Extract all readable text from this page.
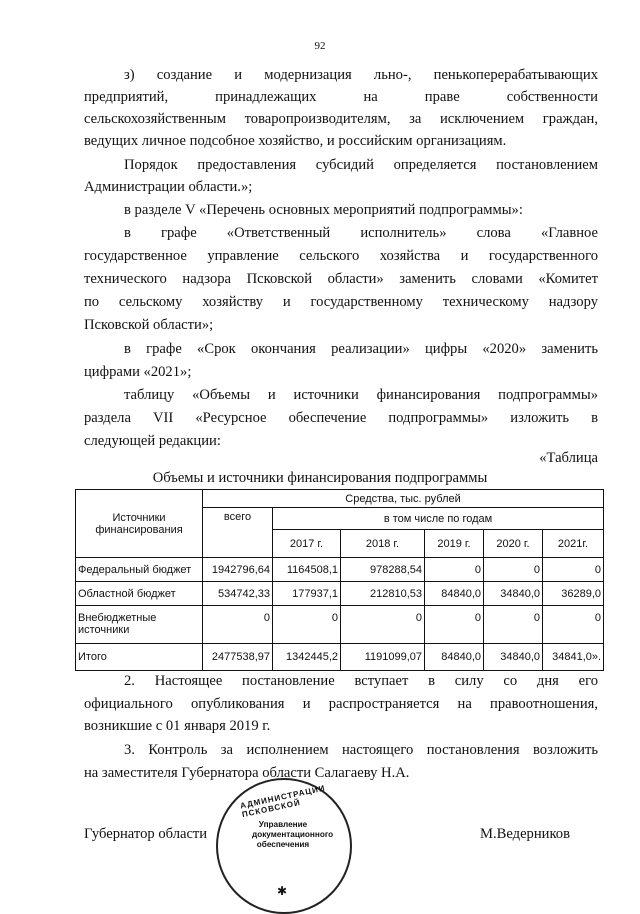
92
з) создание и модернизация льно-, пенькоперерабатывающих
предприятий, принадлежащих на праве собственности
сельскохозяйственным товаропроизводителям, за исключением граждан,
ведущих личное подсобное хозяйство, и российским организациям.
Порядок предоставления субсидий определяется постановлением
Администрации области.»;
в разделе V «Перечень основных мероприятий подпрограммы»:
в графе «Ответственный исполнитель» слова «Главное
государственное управление сельского хозяйства и государственного
технического надзора Псковской области» заменить словами «Комитет
по сельскому хозяйству и государственному техническому надзору
Псковской области»;
в графе «Срок окончания реализации» цифры «2020» заменить
цифрами «2021»;
таблицу «Объемы и источники финансирования подпрограммы»
раздела VII «Ресурсное обеспечение подпрограммы» изложить в
следующей редакции:
«Таблица
Объемы и источники финансирования подпрограммы
Источники финансирования	Средства, тыс. рублей					
	всего	в том числе по годам				
		2017 г.	2018 г.	2019 г.	2020 г.	2021г.
Федеральный бюджет	1942796,64	1164508,1	978288,54	0	0	0
Областной бюджет	534742,33	177937,1	212810,53	84840,0	34840,0	36289,0
Внебюджетные источники	0	0	0	0	0	0
Итого	2477538,97	1342445,2	1191099,07	84840,0	34840,0	34841,0».
2. Настоящее постановление вступает в силу со дня его
официального опубликования и распространяется на правоотношения,
возникшие с 01 января 2019 г.
3. Контроль за исполнением настоящего постановления возложить
на заместителя Губернатора области Салагаеву Н.А.
Губернатор области	М.Ведерников
АДМИНИСТРАЦИИ ПСКОВСКОЙ
Управление документационного обеспечения
✱
